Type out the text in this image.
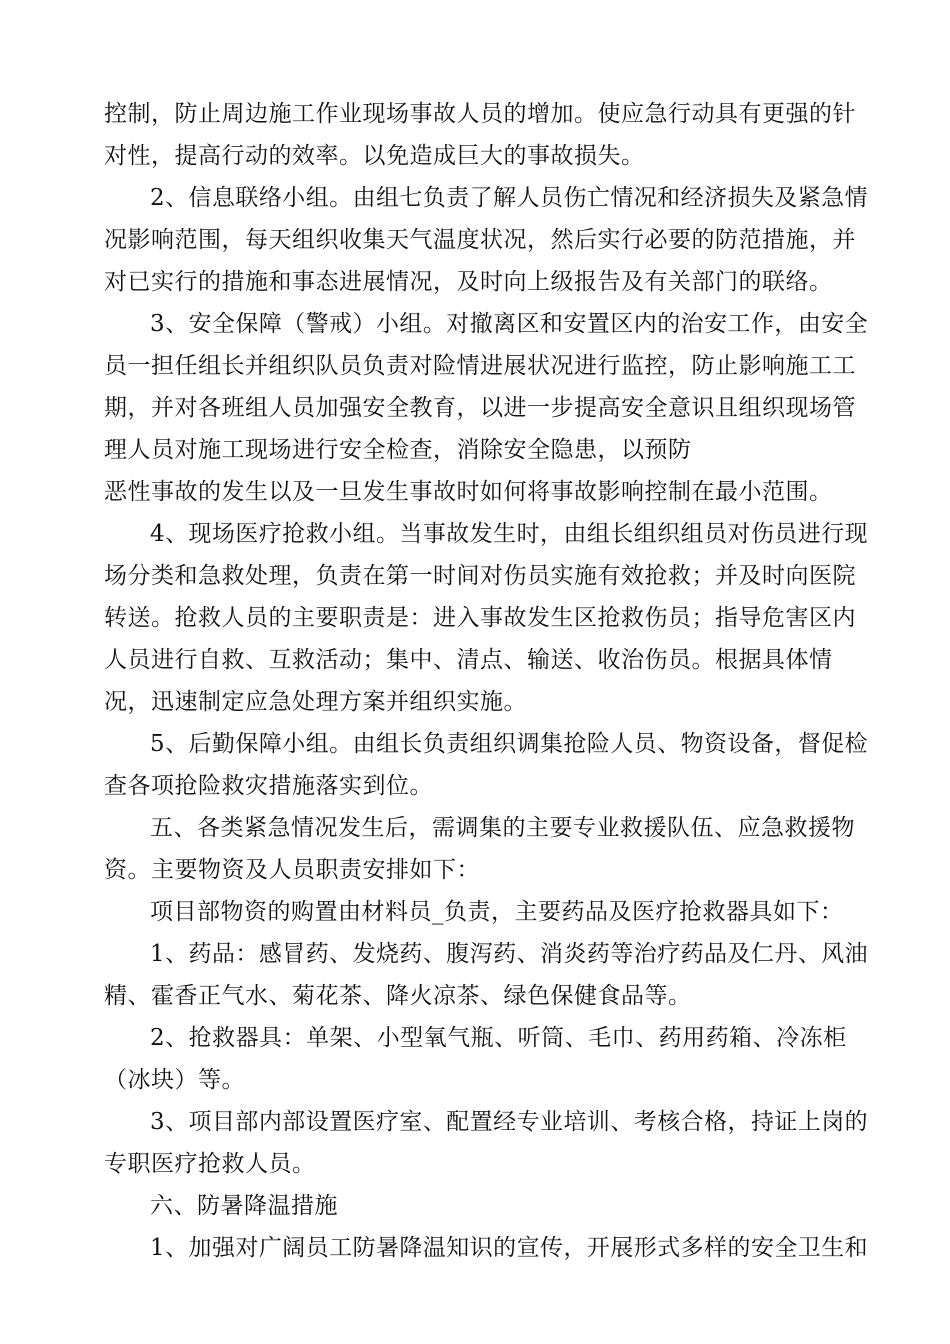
控制，防止周边施工作业现场事故人员的增加。使应急行动具有更强的针
对性，提高行动的效率。以免造成巨大的事故损失。
2、信息联络小组。由组七负责了解人员伤亡情况和经济损失及紧急情
况影响范围，每天组织收集天气温度状况，然后实行必要的防范措施，并
对已实行的措施和事态进展情况，及时向上级报告及有关部门的联络。
3、安全保障（警戒）小组。对撤离区和安置区内的治安工作，由安全
员一担任组长并组织队员负责对险情进展状况进行监控，防止影响施工工
期，并对各班组人员加强安全教育，以进一步提高安全意识且组织现场管
理人员对施工现场进行安全检查，消除安全隐患，以预防
恶性事故的发生以及一旦发生事故时如何将事故影响控制在最小范围。
4、现场医疗抢救小组。当事故发生时，由组长组织组员对伤员进行现
场分类和急救处理，负责在第一时间对伤员实施有效抢救；并及时向医院
转送。抢救人员的主要职责是：进入事故发生区抢救伤员；指导危害区内
人员进行自救、互救活动；集中、清点、输送、收治伤员。根据具体情
况，迅速制定应急处理方案并组织实施。
5、后勤保障小组。由组长负责组织调集抢险人员、物资设备，督促检
查各项抢险救灾措施落实到位。
五、各类紧急情况发生后，需调集的主要专业救援队伍、应急救援物
资。主要物资及人员职责安排如下：
项目部物资的购置由材料员_负责，主要药品及医疗抢救器具如下：
1、药品：感冒药、发烧药、腹泻药、消炎药等治疗药品及仁丹、风油
精、霍香正气水、菊花茶、降火凉茶、绿色保健食品等。
2、抢救器具：单架、小型氧气瓶、听筒、毛巾、药用药箱、冷冻柜
（冰块）等。
3、项目部内部设置医疗室、配置经专业培训、考核合格，持证上岗的
专职医疗抢救人员。
六、防暑降温措施
1、加强对广阔员工防暑降温知识的宣传，开展形式多样的安全卫生和
